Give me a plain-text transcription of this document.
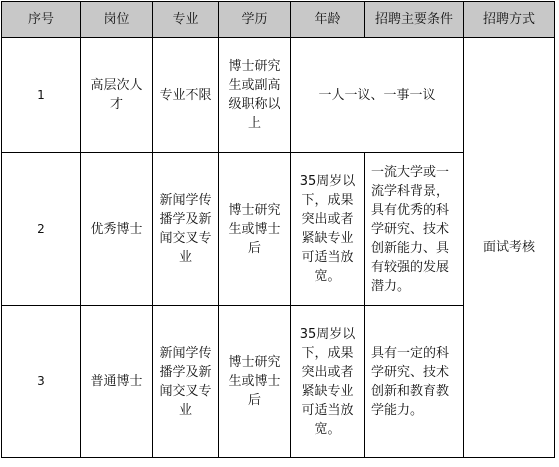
序号	岗位	专业	学历	年龄	招聘主要条件	招聘方式
1	高层次人才	专业不限	博士研究生或副高级职称以上	一人一议、一事一议		面试考核
2	优秀博士	新闻学传播学及新闻交叉专业	博士研究生或博士后	35周岁以下，成果突出或者紧缺专业可适当放宽。	一流大学或一流学科背景，具有优秀的科学研究、技术创新能力、具有较强的发展潜力。	
3	普通博士	新闻学传播学及新闻交叉专业	博士研究生或博士后	35周岁以下，成果突出或者紧缺专业可适当放宽。	具有一定的科学研究、技术创新和教育教学能力。	
